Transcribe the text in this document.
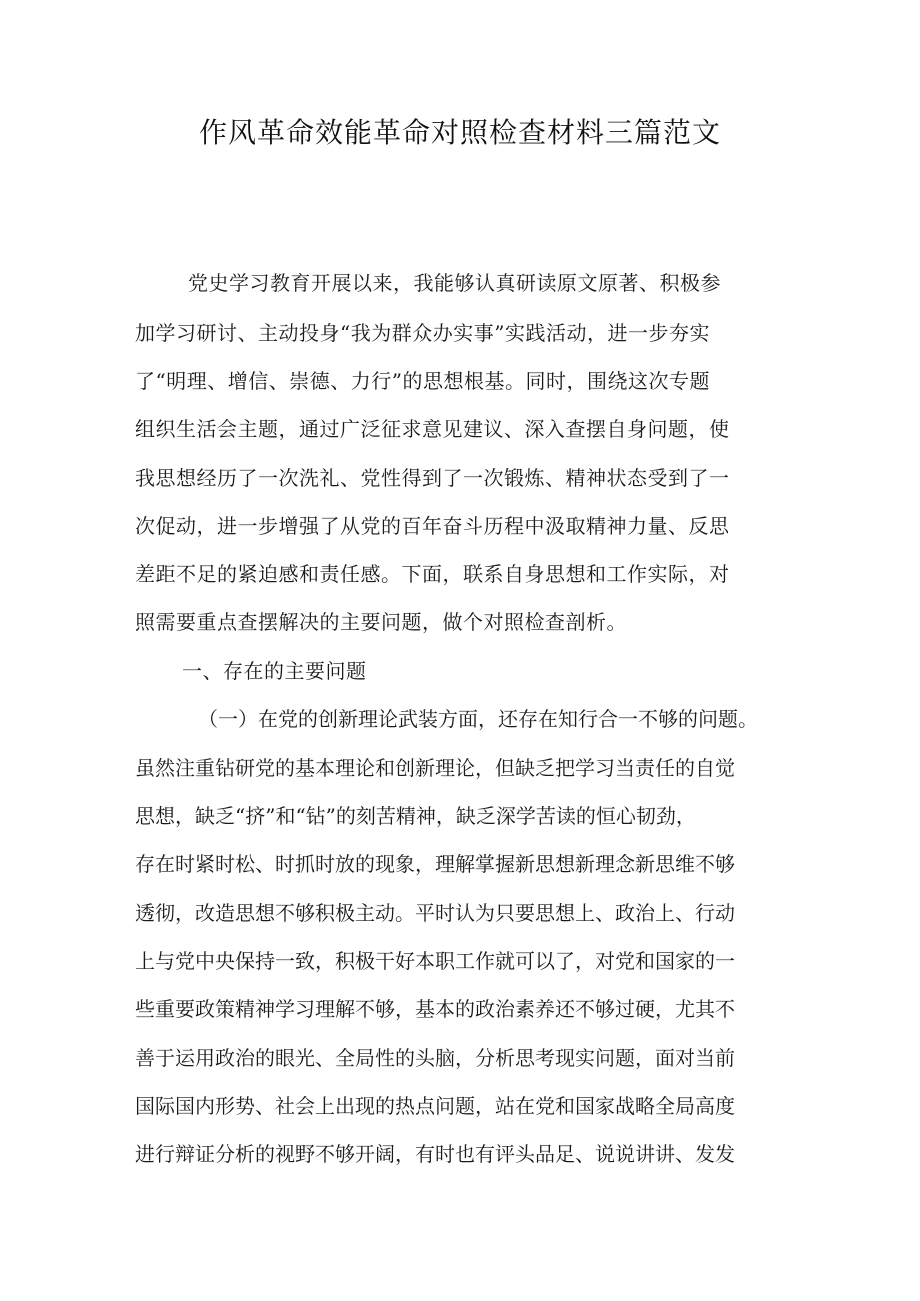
作风革命效能革命对照检查材料三篇范文
党史学习教育开展以来，我能够认真研读原文原著、积极参
加学习研讨、主动投身“我为群众办实事”实践活动，进一步夯实
了“明理、增信、崇德、力行”的思想根基。同时，围绕这次专题
组织生活会主题，通过广泛征求意见建议、深入查摆自身问题，使
我思想经历了一次洗礼、党性得到了一次锻炼、精神状态受到了一
次促动，进一步增强了从党的百年奋斗历程中汲取精神力量、反思
差距不足的紧迫感和责任感。下面，联系自身思想和工作实际，对
照需要重点查摆解决的主要问题，做个对照检查剖析。
一、存在的主要问题
（一）在党的创新理论武装方面，还存在知行合一不够的问题。
虽然注重钻研党的基本理论和创新理论，但缺乏把学习当责任的自觉
思想，缺乏“挤”和“钻”的刻苦精神，缺乏深学苦读的恒心韧劲，
存在时紧时松、时抓时放的现象，理解掌握新思想新理念新思维不够
透彻，改造思想不够积极主动。平时认为只要思想上、政治上、行动
上与党中央保持一致，积极干好本职工作就可以了，对党和国家的一
些重要政策精神学习理解不够，基本的政治素养还不够过硬，尤其不
善于运用政治的眼光、全局性的头脑，分析思考现实问题，面对当前
国际国内形势、社会上出现的热点问题，站在党和国家战略全局高度
进行辩证分析的视野不够开阔，有时也有评头品足、说说讲讲、发发
